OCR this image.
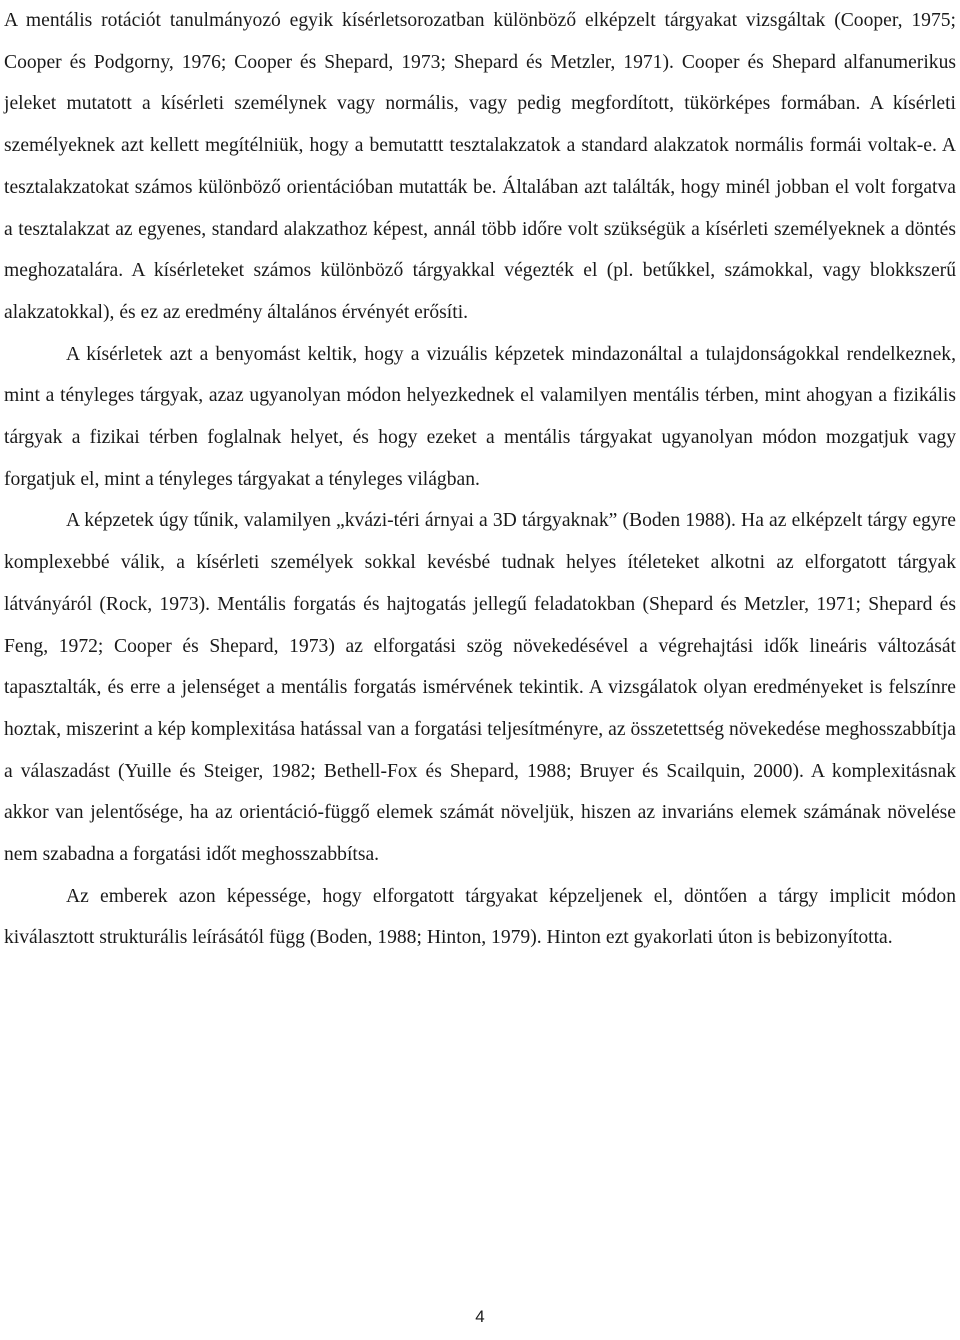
A mentális rotációt tanulmányozó egyik kísérletsorozatban különböző elképzelt tárgyakat vizsgáltak (Cooper, 1975; Cooper és Podgorny, 1976; Cooper és Shepard, 1973; Shepard és Metzler, 1971). Cooper és Shepard alfanumerikus jeleket mutatott a kísérleti személynek vagy normális, vagy pedig megfordított, tükörképes formában. A kísérleti személyeknek azt kellett megítélniük, hogy a bemutattt tesztalakzatok a standard alakzatok normális formái voltak-e. A tesztalakzatokat számos különböző orientációban mutatták be. Általában azt találták, hogy minél jobban el volt forgatva a tesztalakzat az egyenes, standard alakzathoz képest, annál több időre volt szükségük a kísérleti személyeknek a döntés meghozatalára. A kísérleteket számos különböző tárgyakkal végezték el (pl. betűkkel, számokkal, vagy blokkszerű alakzatokkal), és ez az eredmény általános érvényét erősíti.

A kísérletek azt a benyomást keltik, hogy a vizuális képzetek mindazonáltal a tulajdonságokkal rendelkeznek, mint a tényleges tárgyak, azaz ugyanolyan módon helyezkednek el valamilyen mentális térben, mint ahogyan a fizikális tárgyak a fizikai térben foglalnak helyet, és hogy ezeket a mentális tárgyakat ugyanolyan módon mozgatjuk vagy forgatjuk el, mint a tényleges tárgyakat a tényleges világban.

A képzetek úgy tűnik, valamilyen „kvázi-téri árnyai a 3D tárgyaknak” (Boden 1988). Ha az elképzelt tárgy egyre komplexebbé válik, a kísérleti személyek sokkal kevésbé tudnak helyes ítéleteket alkotni az elforgatott tárgyak látványáról (Rock, 1973). Mentális forgatás és hajtogatás jellegű feladatokban (Shepard és Metzler, 1971; Shepard és Feng, 1972; Cooper és Shepard, 1973) az elforgatási szög növekedésével a végrehajtási idők lineáris változását tapasztalták, és erre a jelenséget a mentális forgatás ismérvének tekintik. A vizsgálatok olyan eredményeket is felszínre hoztak, miszerint a kép komplexitása hatással van a forgatási teljesítményre, az összetettség növekedése meghosszabbítja a válaszadást (Yuille és Steiger, 1982; Bethell-Fox és Shepard, 1988; Bruyer és Scailquin, 2000). A komplexitásnak akkor van jelentősége, ha az orientáció-függő elemek számát növeljük, hiszen az invariáns elemek számának növelése nem szabadna a forgatási időt meghosszabbítsa.

Az emberek azon képessége, hogy elforgatott tárgyakat képzeljenek el, döntően a tárgy implicit módon kiválasztott strukturális leírásától függ (Boden, 1988; Hinton, 1979). Hinton ezt gyakorlati úton is bebizonyította.

4
